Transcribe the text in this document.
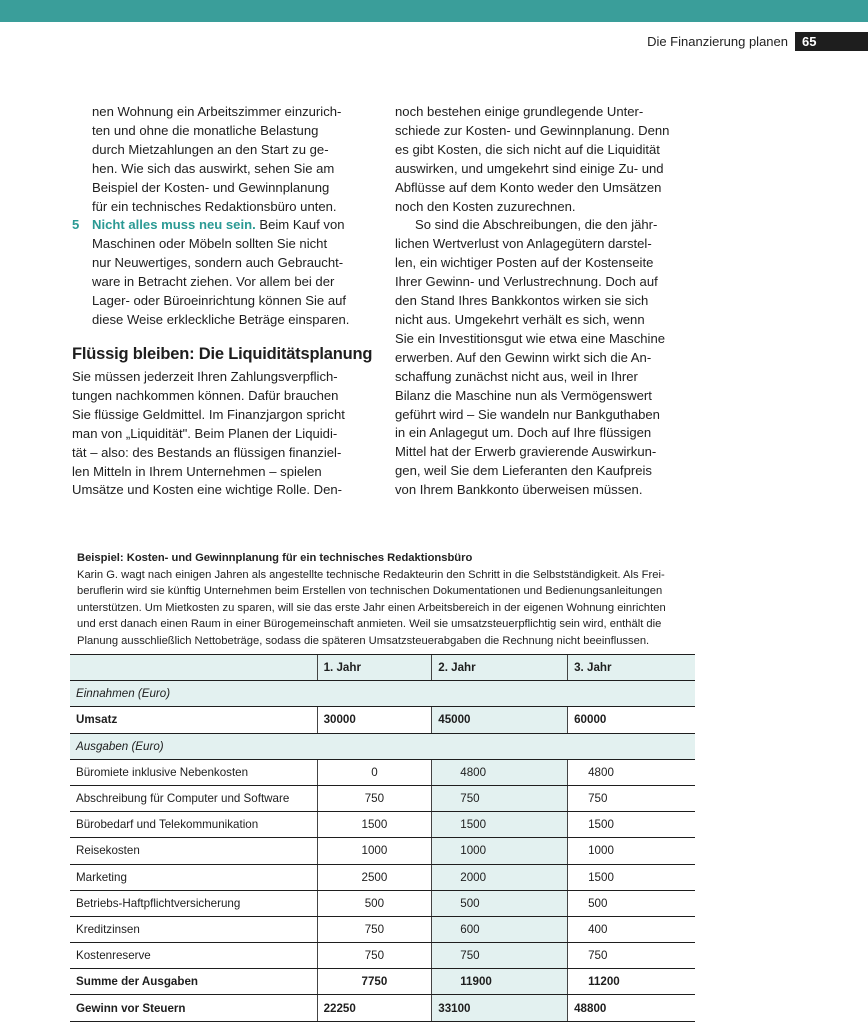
Die Finanzierung planen	65

nen Wohnung ein Arbeitszimmer einzurich-

ten und ohne die monatliche Belastung

durch Mietzahlungen an den Start zu ge-

hen. Wie sich das auswirkt, sehen Sie am

Beispiel der Kosten- und Gewinnplanung

für ein technisches Redaktionsbüro unten.

5 Nicht alles muss neu sein. Beim Kauf von

Maschinen oder Möbeln sollten Sie nicht

nur Neuwertiges, sondern auch Gebraucht-

ware in Betracht ziehen. Vor allem bei der

Lager- oder Büroeinrichtung können Sie auf

diese Weise erkleckliche Beträge einsparen.

Flüssig bleiben: Die Liquiditätsplanung

Sie müssen jederzeit Ihren Zahlungsverpflich-

tungen nachkommen können. Dafür brauchen

Sie flüssige Geldmittel. Im Finanzjargon spricht

man von „Liquidität". Beim Planen der Liquidi-

tät – also: des Bestands an flüssigen finanziel-

len Mitteln in Ihrem Unternehmen – spielen

Umsätze und Kosten eine wichtige Rolle. Den-

noch bestehen einige grundlegende Unter-

schiede zur Kosten- und Gewinnplanung. Denn

es gibt Kosten, die sich nicht auf die Liquidität

auswirken, und umgekehrt sind einige Zu- und

Abflüsse auf dem Konto weder den Umsätzen

noch den Kosten zuzurechnen.

So sind die Abschreibungen, die den jähr-

lichen Wertverlust von Anlagegütern darstel-

len, ein wichtiger Posten auf der Kostenseite

Ihrer Gewinn- und Verlustrechnung. Doch auf

den Stand Ihres Bankkontos wirken sie sich

nicht aus. Umgekehrt verhält es sich, wenn

Sie ein Investitionsgut wie etwa eine Maschine

erwerben. Auf den Gewinn wirkt sich die An-

schaffung zunächst nicht aus, weil in Ihrer

Bilanz die Maschine nun als Vermögenswert

geführt wird – Sie wandeln nur Bankguthaben

in ein Anlagegut um. Doch auf Ihre flüssigen

Mittel hat der Erwerb gravierende Auswirkun-

gen, weil Sie dem Lieferanten den Kaufpreis

von Ihrem Bankkonto überweisen müssen.

Beispiel: Kosten- und Gewinnplanung für ein technisches Redaktionsbüro

Karin G. wagt nach einigen Jahren als angestellte technische Redakteurin den Schritt in die Selbstständigkeit. Als Frei-

beruflerin wird sie künftig Unternehmen beim Erstellen von technischen Dokumentationen und Bedienungsanleitungen

unterstützen. Um Mietkosten zu sparen, will sie das erste Jahr einen Arbeitsbereich in der eigenen Wohnung einrichten

und erst danach einen Raum in einer Bürogemeinschaft anmieten. Weil sie umsatzsteuerpflichtig sein wird, enthält die

Planung ausschließlich Nettobeträge, sodass die späteren Umsatzsteuerabgaben die Rechnung nicht beeinflussen.

	1. Jahr	2. Jahr	3. Jahr
Einnahmen (Euro)			
Umsatz	30000	45000	60000
Ausgaben (Euro)			
Büromiete inklusive Nebenkosten	0	4800	4800
Abschreibung für Computer und Software	750	750	750
Bürobedarf und Telekommunikation	1500	1500	1500
Reisekosten	1000	1000	1000
Marketing	2500	2000	1500
Betriebs-Haftpflichtversicherung	500	500	500
Kreditzinsen	750	600	400
Kostenreserve	750	750	750
Summe der Ausgaben	7750	11900	11200
Gewinn vor Steuern	22250	33100	48800
